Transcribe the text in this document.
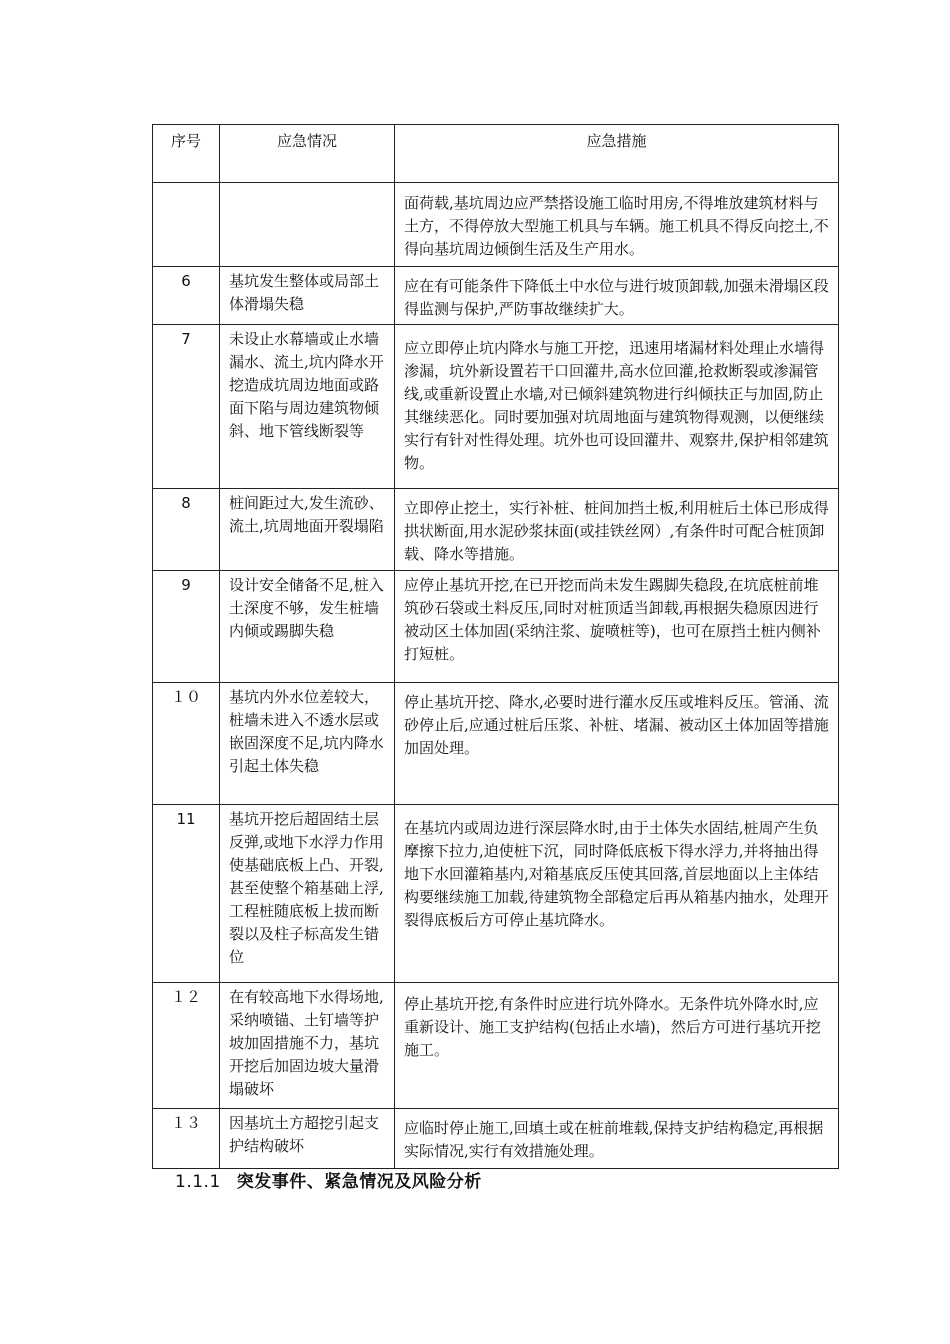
序号	应急情况	应急措施
		面荷载,基坑周边应严禁搭设施工临时用房,不得堆放建筑材料与土方，不得停放大型施工机具与车辆。施工机具不得反向挖土,不得向基坑周边倾倒生活及生产用水。
6	基坑发生整体或局部土体滑塌失稳	应在有可能条件下降低土中水位与进行坡顶卸载,加强未滑塌区段得监测与保护,严防事故继续扩大。
7	未设止水幕墙或止水墙漏水、流土,坑内降水开挖造成坑周边地面或路面下陷与周边建筑物倾斜、地下管线断裂等	应立即停止坑内降水与施工开挖，迅速用堵漏材料处理止水墙得渗漏，坑外新设置若干口回灌井,高水位回灌,抢救断裂或渗漏管线,或重新设置止水墙,对已倾斜建筑物进行纠倾扶正与加固,防止其继续恶化。同时要加强对坑周地面与建筑物得观测，以便继续实行有针对性得处理。坑外也可设回灌井、观察井,保护相邻建筑物。
8	桩间距过大,发生流砂、流土,坑周地面开裂塌陷	立即停止挖土，实行补桩、桩间加挡土板,利用桩后土体已形成得拱状断面,用水泥砂浆抹面(或挂铁丝网）,有条件时可配合桩顶卸载、降水等措施。
9	设计安全储备不足,桩入土深度不够，发生桩墙内倾或踢脚失稳	应停止基坑开挖,在已开挖而尚未发生踢脚失稳段,在坑底桩前堆筑砂石袋或土料反压,同时对桩顶适当卸载,再根据失稳原因进行被动区土体加固(采纳注浆、旋喷桩等)，也可在原挡土桩内侧补打短桩。
１０	基坑内外水位差较大，桩墙未进入不透水层或嵌固深度不足,坑内降水引起土体失稳	停止基坑开挖、降水,必要时进行灌水反压或堆料反压。管涌、流砂停止后,应通过桩后压浆、补桩、堵漏、被动区土体加固等措施加固处理。
11	基坑开挖后超固结土层反弹,或地下水浮力作用使基础底板上凸、开裂,甚至使整个箱基础上浮,工程桩随底板上拔而断裂以及柱子标高发生错位	在基坑内或周边进行深层降水时,由于土体失水固结,桩周产生负摩擦下拉力,迫使桩下沉，同时降低底板下得水浮力,并将抽出得地下水回灌箱基内,对箱基底反压使其回落,首层地面以上主体结构要继续施工加载,待建筑物全部稳定后再从箱基内抽水，处理开裂得底板后方可停止基坑降水。
１２	在有较高地下水得场地,采纳喷锚、土钉墙等护坡加固措施不力，基坑开挖后加固边坡大量滑塌破坏	停止基坑开挖,有条件时应进行坑外降水。无条件坑外降水时,应重新设计、施工支护结构(包括止水墙)，然后方可进行基坑开挖施工。
１３	因基坑土方超挖引起支护结构破坏	应临时停止施工,回填土或在桩前堆载,保持支护结构稳定,再根据实际情况,实行有效措施处理。
1.1.1 突发事件、紧急情况及风险分析
